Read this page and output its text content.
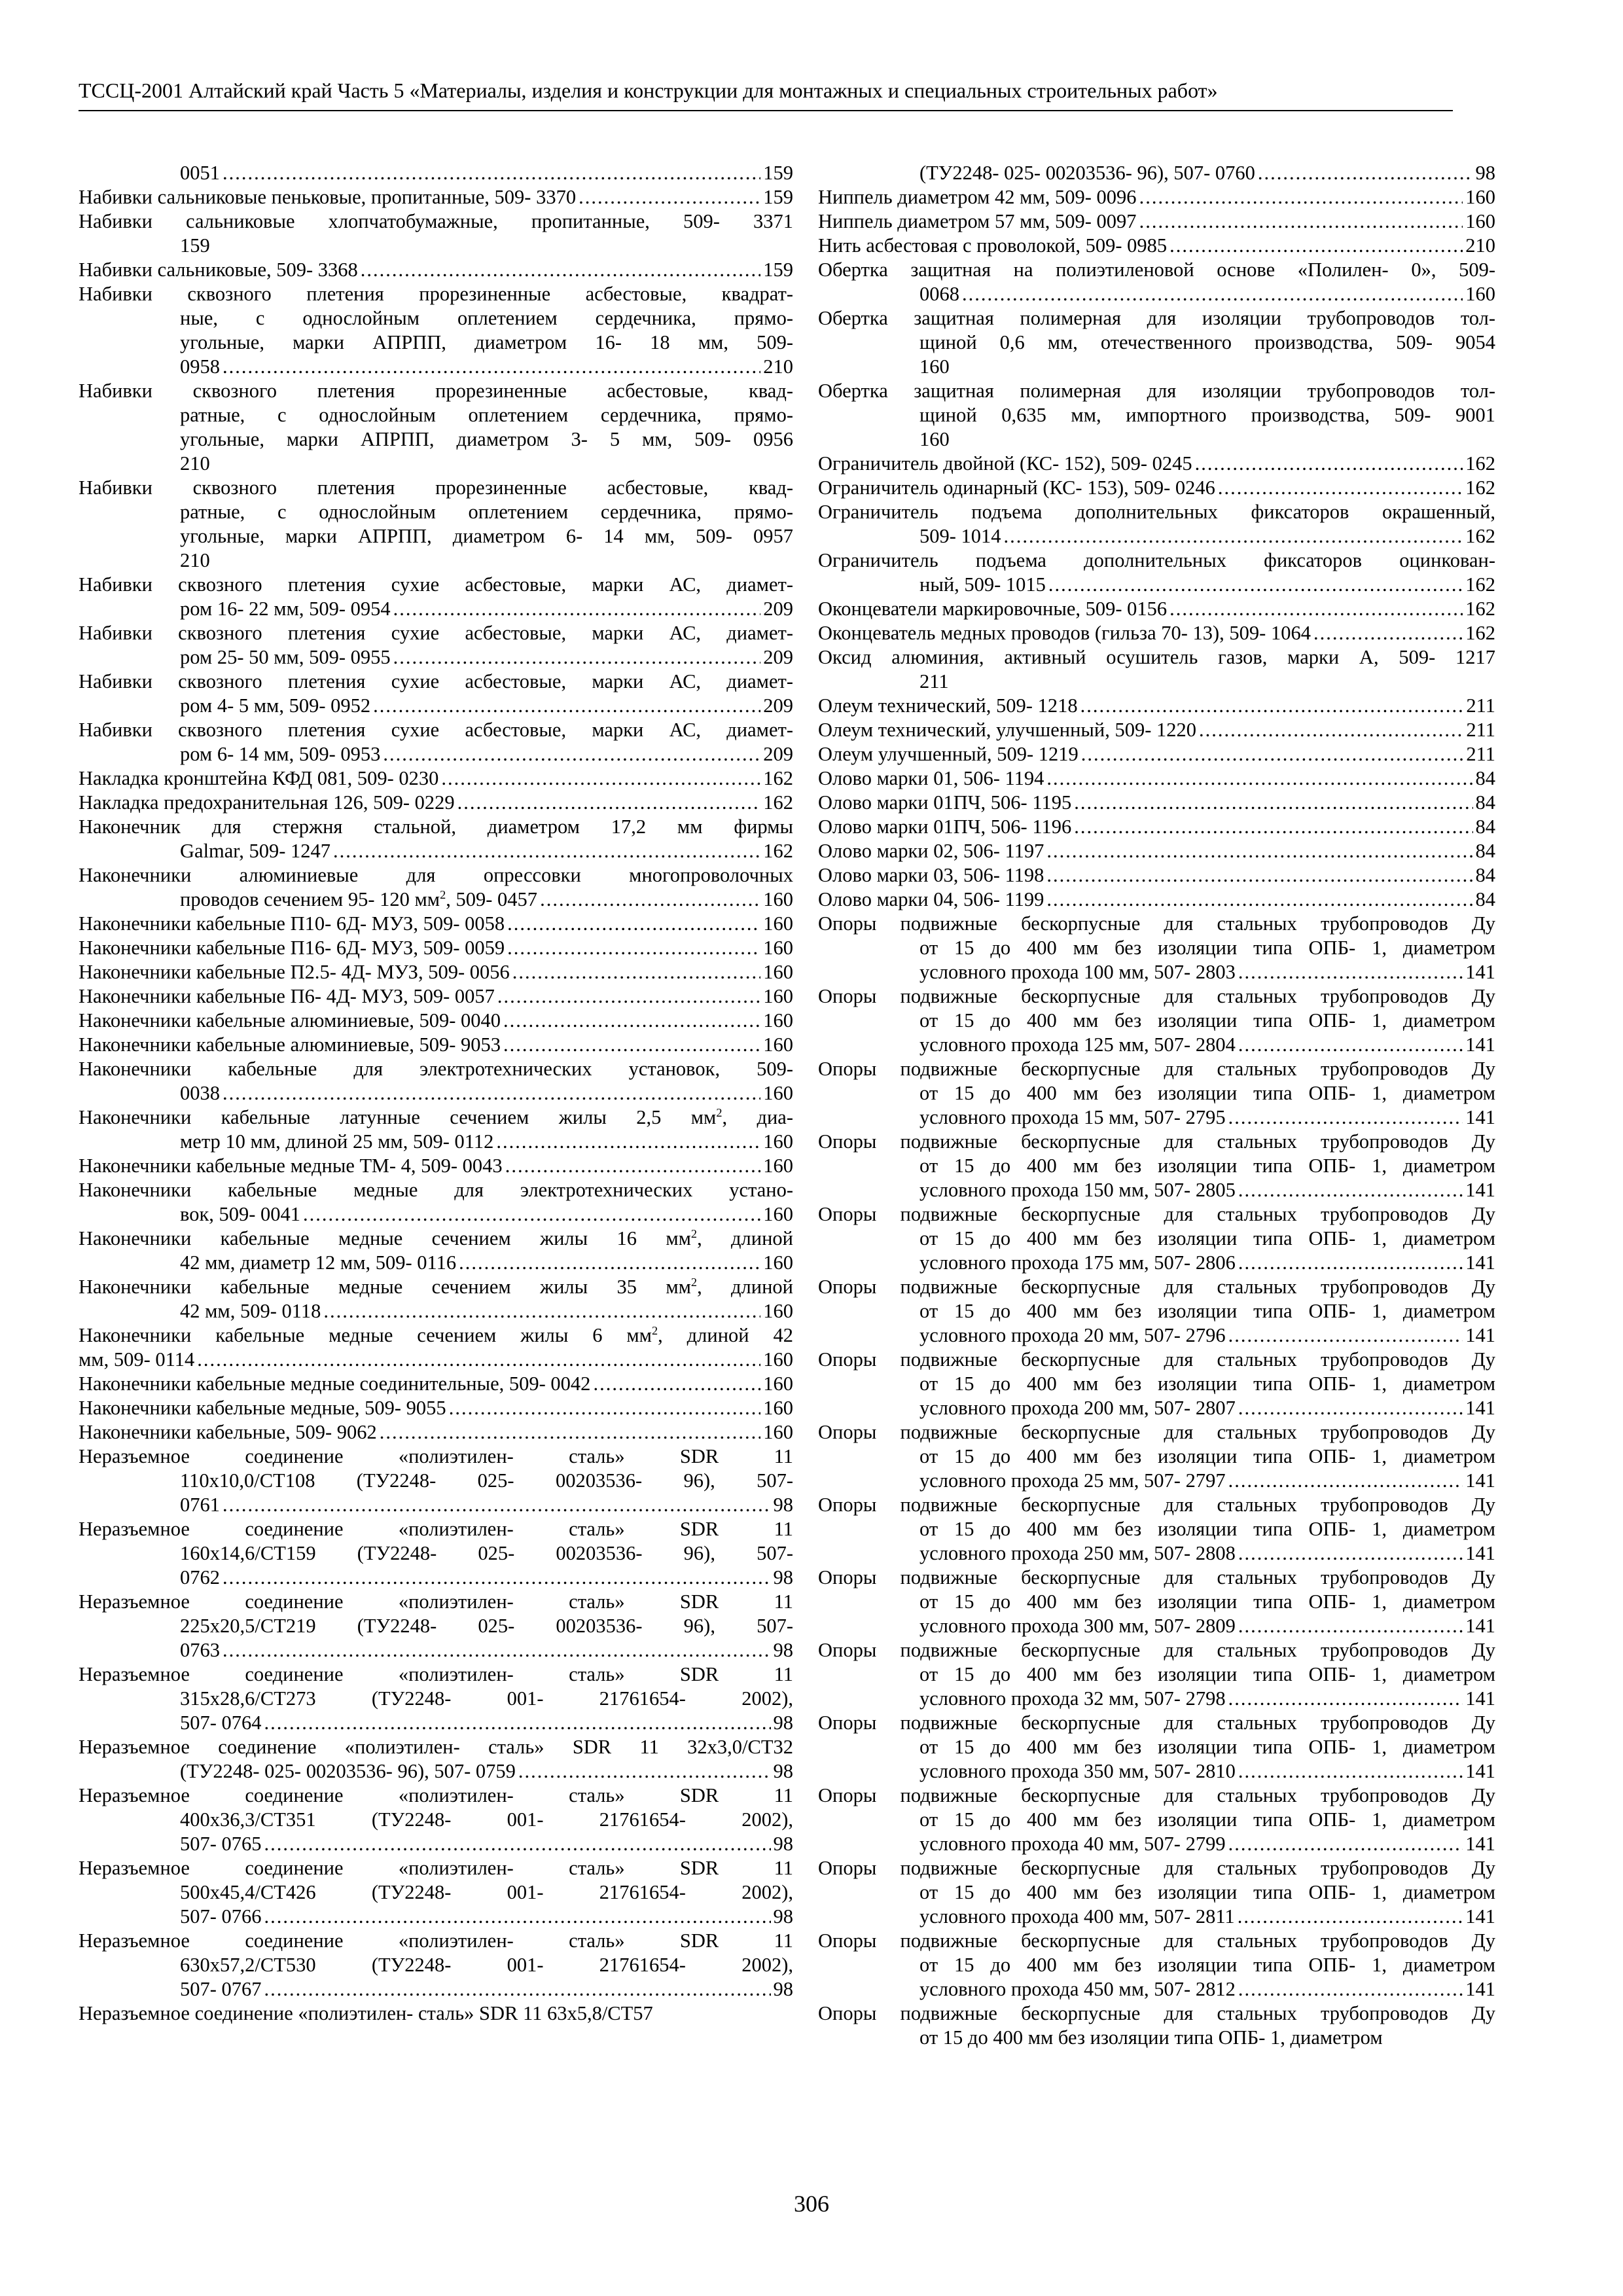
ТССЦ-2001 Алтайский край Часть 5 «Материалы, изделия и конструкции для монтажных и специальных строительных работ»
0051 .....	159
Набивки сальниковые пеньковые, пропитанные, 509- 3370 .....	159
Набивки сальниковые хлопчатобумажные, пропитанные, 509- 3371
159
Набивки сальниковые, 509- 3368 .....	159
Набивки сквозного плетения прорезиненные асбестовые, квадрат-
ные, с однослойным оплетением сердечника, прямо-
угольные, марки АПРПП, диаметром 16- 18 мм, 509-
0958 .....	210
Набивки сквозного плетения прорезиненные асбестовые, квад-
ратные, с однослойным оплетением сердечника, прямо-
угольные, марки АПРПП, диаметром 3- 5 мм, 509- 0956
210
Набивки сквозного плетения прорезиненные асбестовые, квад-
ратные, с однослойным оплетением сердечника, прямо-
угольные, марки АПРПП, диаметром 6- 14 мм, 509- 0957
210
Набивки сквозного плетения сухие асбестовые, марки АС, диамет-
ром 16- 22 мм, 509- 0954 .....	209
Набивки сквозного плетения сухие асбестовые, марки АС, диамет-
ром 25- 50 мм, 509- 0955 .....	209
Набивки сквозного плетения сухие асбестовые, марки АС, диамет-
ром 4- 5 мм, 509- 0952 .....	209
Набивки сквозного плетения сухие асбестовые, марки АС, диамет-
ром 6- 14 мм, 509- 0953 .....	209
Накладка кронштейна КФД 081, 509- 0230 .....	162
Накладка предохранительная 126, 509- 0229 .....	162
Наконечник для стержня стальной, диаметром 17,2 мм фирмы
Galmar, 509- 1247 .....	162
Наконечники алюминиевые для опрессовки многопроволочных
проводов сечением 95- 120 $мм^2$, 509- 0457 .....	160
Наконечники кабельные П10- 6Д- МУЗ, 509- 0058 .....	160
Наконечники кабельные П16- 6Д- МУЗ, 509- 0059 .....	160
Наконечники кабельные П2.5- 4Д- МУЗ, 509- 0056 .....	160
Наконечники кабельные П6- 4Д- МУЗ, 509- 0057 .....	160
Наконечники кабельные алюминиевые, 509- 0040 .....	160
Наконечники кабельные алюминиевые, 509- 9053 .....	160
Наконечники кабельные для электротехнических установок, 509-
0038 .....	160
Наконечники кабельные латунные сечением жилы 2,5 $мм^2$, диа-
метр 10 мм, длиной 25 мм, 509- 0112 .....	160
Наконечники кабельные медные ТМ- 4, 509- 0043 .....	160
Наконечники кабельные медные для электротехнических устано-
вок, 509- 0041 .....	160
Наконечники кабельные медные сечением жилы 16 $мм^2$, длиной
42 мм, диаметр 12 мм, 509- 0116 .....	160
Наконечники кабельные медные сечением жилы 35 $мм^2$, длиной
42 мм, 509- 0118 .....	160
Наконечники кабельные медные сечением жилы 6 $мм^2$, длиной 42
мм, 509- 0114 .....	160
Наконечники кабельные медные соединительные, 509- 0042 .....	160
Наконечники кабельные медные, 509- 9055 .....	160
Наконечники кабельные, 509- 9062 .....	160
Неразъемное соединение «полиэтилен- сталь» SDR 11
110х10,0/СТ108 (ТУ2248- 025- 00203536- 96), 507-
0761 .....	98
Неразъемное соединение «полиэтилен- сталь» SDR 11
160х14,6/СТ159 (ТУ2248- 025- 00203536- 96), 507-
0762 .....	98
Неразъемное соединение «полиэтилен- сталь» SDR 11
225х20,5/СТ219 (ТУ2248- 025- 00203536- 96), 507-
0763 .....	98
Неразъемное соединение «полиэтилен- сталь» SDR 11
315х28,6/СТ273 (ТУ2248- 001- 21761654- 2002),
507- 0764 .....	98
Неразъемное соединение «полиэтилен- сталь» SDR 11 32х3,0/СТ32
(ТУ2248- 025- 00203536- 96), 507- 0759 .....	98
Неразъемное соединение «полиэтилен- сталь» SDR 11
400х36,3/СТ351 (ТУ2248- 001- 21761654- 2002),
507- 0765 .....	98
Неразъемное соединение «полиэтилен- сталь» SDR 11
500х45,4/СТ426 (ТУ2248- 001- 21761654- 2002),
507- 0766 .....	98
Неразъемное соединение «полиэтилен- сталь» SDR 11
630х57,2/СТ530 (ТУ2248- 001- 21761654- 2002),
507- 0767 .....	98
Неразъемное соединение «полиэтилен- сталь» SDR 11 63х5,8/СТ57
(ТУ2248- 025- 00203536- 96), 507- 0760 .....	98
Ниппель диаметром 42 мм, 509- 0096 .....	160
Ниппель диаметром 57 мм, 509- 0097 .....	160
Нить асбестовая с проволокой, 509- 0985 .....	210
Обертка защитная на полиэтиленовой основе «Полилен- 0», 509-
0068 .....	160
Обертка защитная полимерная для изоляции трубопроводов тол-
щиной 0,6 мм, отечественного производства, 509- 9054
160
Обертка защитная полимерная для изоляции трубопроводов тол-
щиной 0,635 мм, импортного производства, 509- 9001
160
Ограничитель двойной (КС- 152), 509- 0245 .....	162
Ограничитель одинарный (КС- 153), 509- 0246 .....	162
Ограничитель подъема дополнительных фиксаторов окрашенный,
509- 1014 .....	162
Ограничитель подъема дополнительных фиксаторов оцинкован-
ный, 509- 1015 .....	162
Оконцеватели маркировочные, 509- 0156 .....	162
Оконцеватель медных проводов (гильза 70- 13), 509- 1064 .....	162
Оксид алюминия, активный осушитель газов, марки А, 509- 1217
211
Олеум технический, 509- 1218 .....	211
Олеум технический, улучшенный, 509- 1220 .....	211
Олеум улучшенный, 509- 1219 .....	211
Олово марки 01, 506- 1194 .....	84
Олово марки 01ПЧ, 506- 1195 .....	84
Олово марки 01ПЧ, 506- 1196 .....	84
Олово марки 02, 506- 1197 .....	84
Олово марки 03, 506- 1198 .....	84
Олово марки 04, 506- 1199 .....	84
Опоры подвижные бескорпусные для стальных трубопроводов Ду
от 15 до 400 мм без изоляции типа ОПБ- 1, диаметром
условного прохода 100 мм, 507- 2803 .....	141
Опоры подвижные бескорпусные для стальных трубопроводов Ду
от 15 до 400 мм без изоляции типа ОПБ- 1, диаметром
условного прохода 125 мм, 507- 2804 .....	141
Опоры подвижные бескорпусные для стальных трубопроводов Ду
от 15 до 400 мм без изоляции типа ОПБ- 1, диаметром
условного прохода 15 мм, 507- 2795 .....	141
Опоры подвижные бескорпусные для стальных трубопроводов Ду
от 15 до 400 мм без изоляции типа ОПБ- 1, диаметром
условного прохода 150 мм, 507- 2805 .....	141
Опоры подвижные бескорпусные для стальных трубопроводов Ду
от 15 до 400 мм без изоляции типа ОПБ- 1, диаметром
условного прохода 175 мм, 507- 2806 .....	141
Опоры подвижные бескорпусные для стальных трубопроводов Ду
от 15 до 400 мм без изоляции типа ОПБ- 1, диаметром
условного прохода 20 мм, 507- 2796 .....	141
Опоры подвижные бескорпусные для стальных трубопроводов Ду
от 15 до 400 мм без изоляции типа ОПБ- 1, диаметром
условного прохода 200 мм, 507- 2807 .....	141
Опоры подвижные бескорпусные для стальных трубопроводов Ду
от 15 до 400 мм без изоляции типа ОПБ- 1, диаметром
условного прохода 25 мм, 507- 2797 .....	141
Опоры подвижные бескорпусные для стальных трубопроводов Ду
от 15 до 400 мм без изоляции типа ОПБ- 1, диаметром
условного прохода 250 мм, 507- 2808 .....	141
Опоры подвижные бескорпусные для стальных трубопроводов Ду
от 15 до 400 мм без изоляции типа ОПБ- 1, диаметром
условного прохода 300 мм, 507- 2809 .....	141
Опоры подвижные бескорпусные для стальных трубопроводов Ду
от 15 до 400 мм без изоляции типа ОПБ- 1, диаметром
условного прохода 32 мм, 507- 2798 .....	141
Опоры подвижные бескорпусные для стальных трубопроводов Ду
от 15 до 400 мм без изоляции типа ОПБ- 1, диаметром
условного прохода 350 мм, 507- 2810 .....	141
Опоры подвижные бескорпусные для стальных трубопроводов Ду
от 15 до 400 мм без изоляции типа ОПБ- 1, диаметром
условного прохода 40 мм, 507- 2799 .....	141
Опоры подвижные бескорпусные для стальных трубопроводов Ду
от 15 до 400 мм без изоляции типа ОПБ- 1, диаметром
условного прохода 400 мм, 507- 2811 .....	141
Опоры подвижные бескорпусные для стальных трубопроводов Ду
от 15 до 400 мм без изоляции типа ОПБ- 1, диаметром
условного прохода 450 мм, 507- 2812 .....	141
Опоры подвижные бескорпусные для стальных трубопроводов Ду
от 15 до 400 мм без изоляции типа ОПБ- 1, диаметром
306
